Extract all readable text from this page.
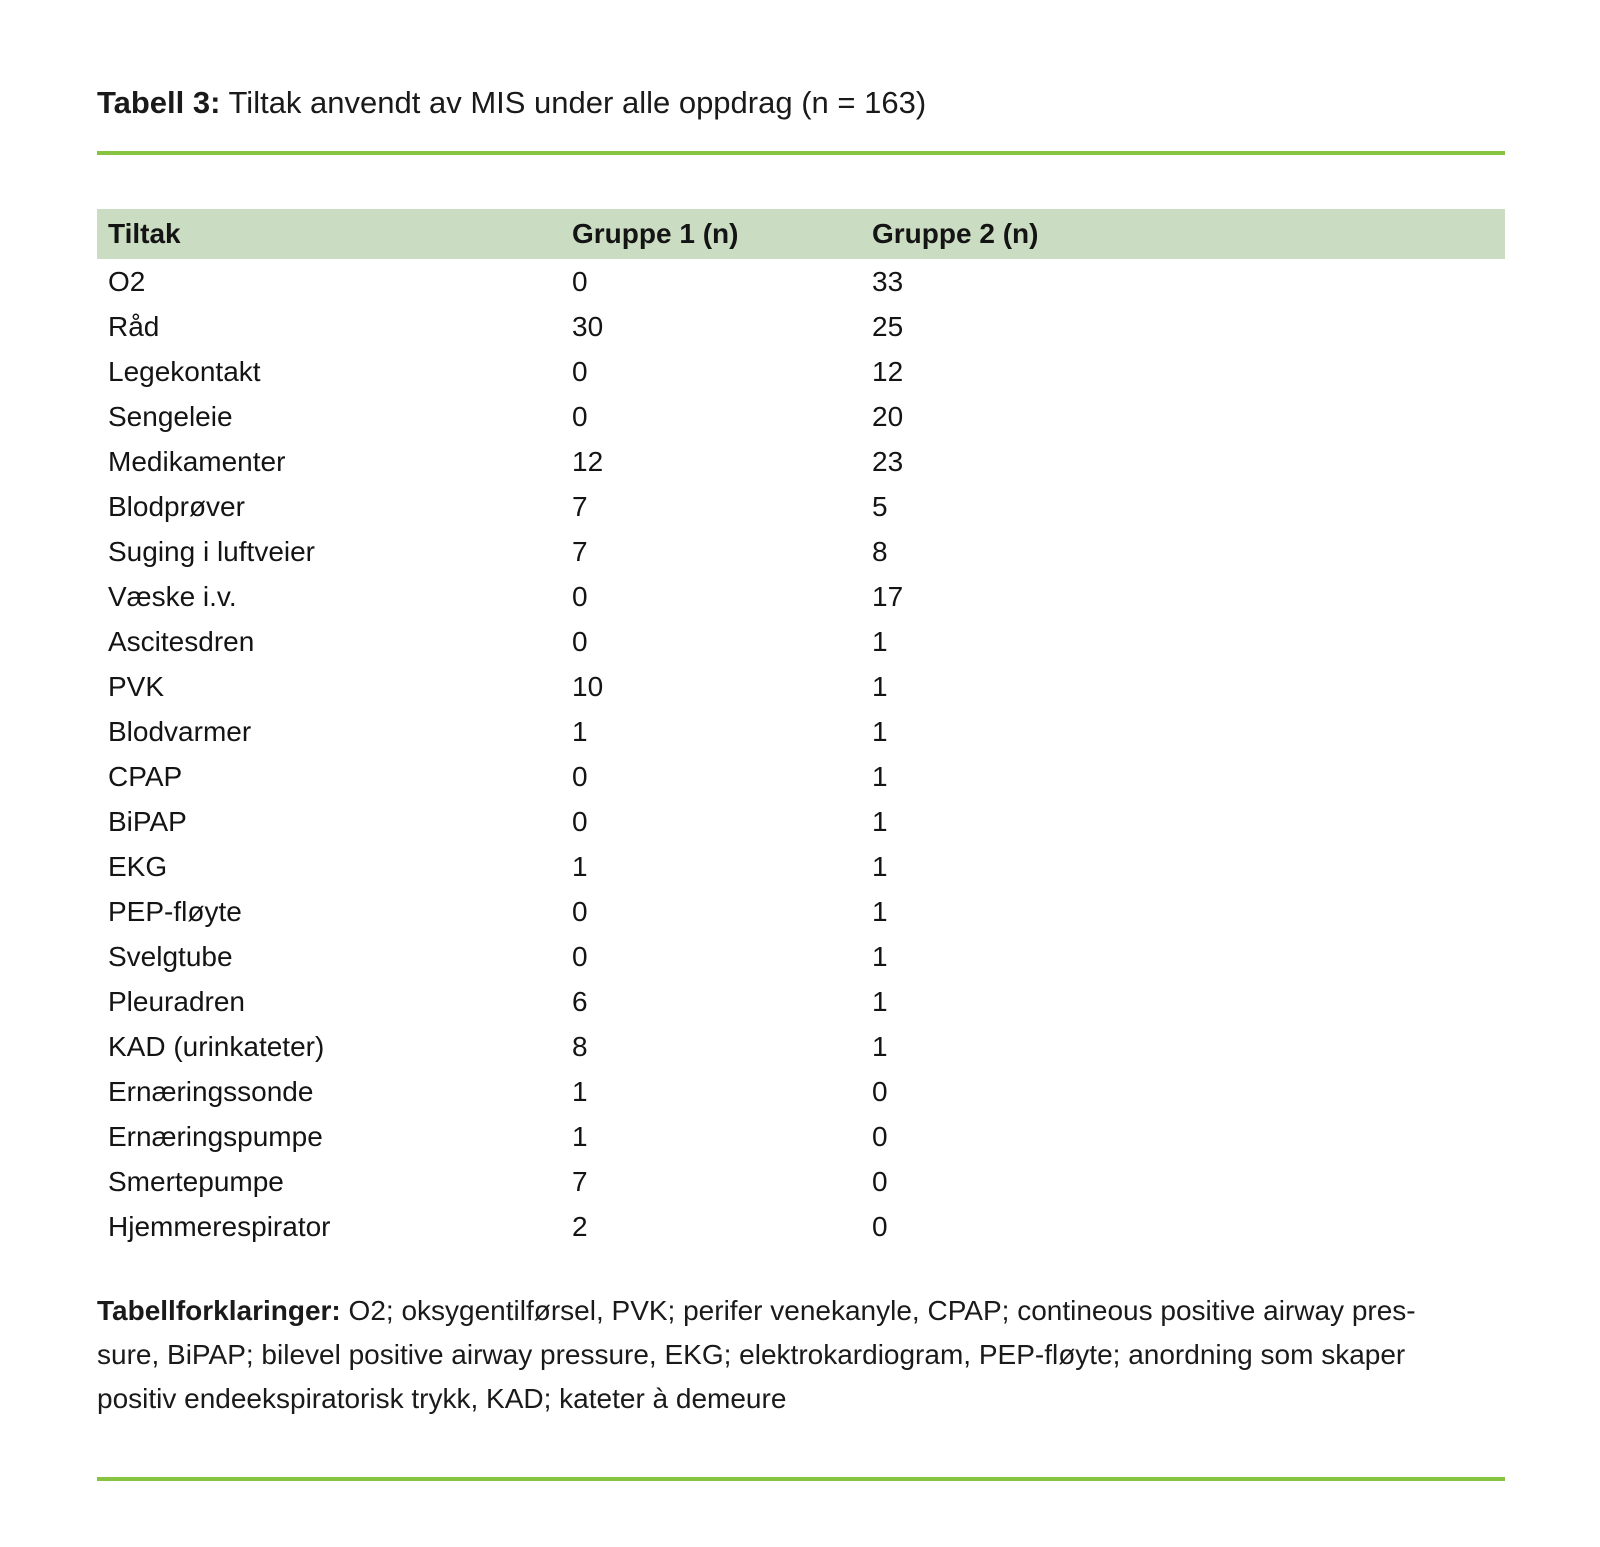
Tabell 3: Tiltak anvendt av MIS under alle oppdrag (n = 163)
Tiltak	Gruppe 1 (n)	Gruppe 2 (n)
O2	0	33
Råd	30	25
Legekontakt	0	12
Sengeleie	0	20
Medikamenter	12	23
Blodprøver	7	5
Suging i luftveier	7	8
Væske i.v.	0	17
Ascitesdren	0	1
PVK	10	1
Blodvarmer	1	1
CPAP	0	1
BiPAP	0	1
EKG	1	1
PEP-fløyte	0	1
Svelgtube	0	1
Pleuradren	6	1
KAD (urinkateter)	8	1
Ernæringssonde	1	0
Ernæringspumpe	1	0
Smertepumpe	7	0
Hjemmerespirator	2	0
Tabellforklaringer: O2; oksygentilførsel, PVK; perifer venekanyle, CPAP; contineous positive airway pres-
sure, BiPAP; bilevel positive airway pressure, EKG; elektrokardiogram, PEP-fløyte; anordning som skaper
positiv endeekspiratorisk trykk, KAD; kateter à demeure
